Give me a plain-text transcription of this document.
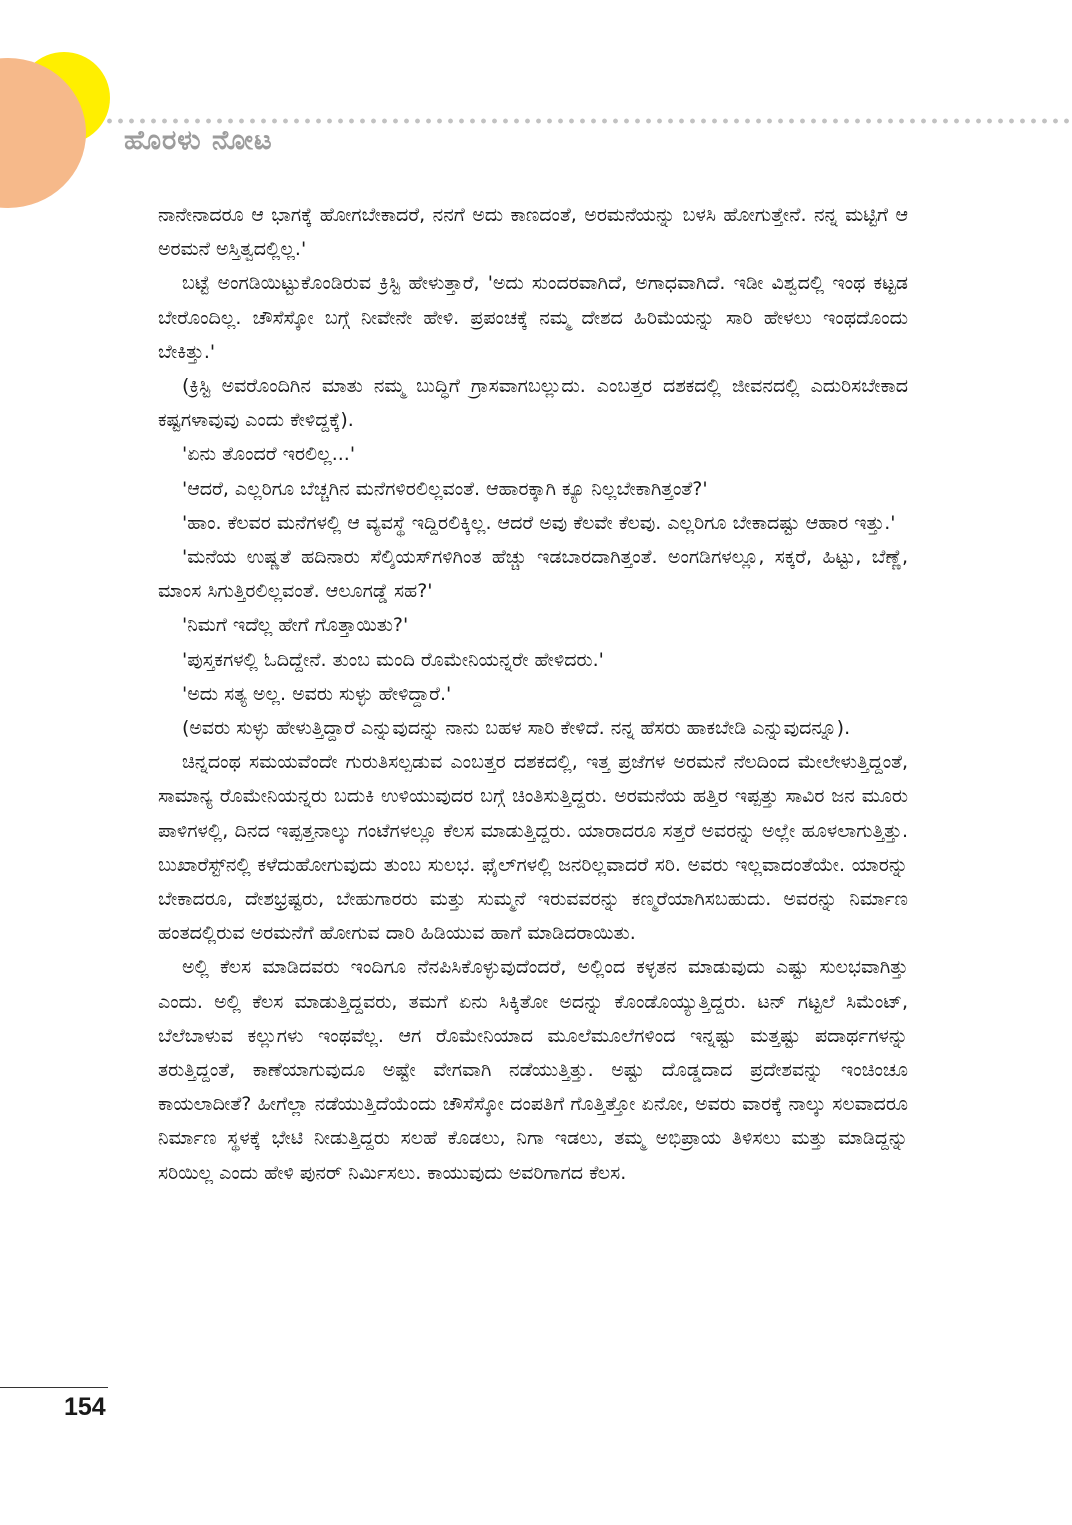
ಹೊರಳು ನೋಟ

ನಾನೇನಾದರೂ ಆ ಭಾಗಕ್ಕೆ ಹೋಗಬೇಕಾದರೆ, ನನಗೆ ಅದು ಕಾಣದಂತೆ, ಅರಮನೆಯನ್ನು ಬಳಸಿ ಹೋಗುತ್ತೇನೆ. ನನ್ನ ಮಟ್ಟಿಗೆ ಆ ಅರಮನೆ ಅಸ್ತಿತ್ವದಲ್ಲಿಲ್ಲ.'

ಬಟ್ಟೆ ಅಂಗಡಿಯಿಟ್ಟುಕೊಂಡಿರುವ ಕ್ರಿಸ್ಟಿ ಹೇಳುತ್ತಾರೆ, 'ಅದು ಸುಂದರವಾಗಿದೆ, ಅಗಾಧವಾಗಿದೆ. ಇಡೀ ವಿಶ್ವದಲ್ಲಿ ಇಂಥ ಕಟ್ಟಡ ಬೇರೊಂದಿಲ್ಲ. ಚೌಸೆಸ್ಕೋ ಬಗ್ಗೆ ನೀವೇನೇ ಹೇಳಿ. ಪ್ರಪಂಚಕ್ಕೆ ನಮ್ಮ ದೇಶದ ಹಿರಿಮೆಯನ್ನು ಸಾರಿ ಹೇಳಲು ಇಂಥದೊಂದು ಬೇಕಿತ್ತು.'

(ಕ್ರಿಸ್ಟಿ ಅವರೊಂದಿಗಿನ ಮಾತು ನಮ್ಮ ಬುದ್ಧಿಗೆ ಗ್ರಾಸವಾಗಬಲ್ಲುದು. ಎಂಬತ್ತರ ದಶಕದಲ್ಲಿ ಜೀವನದಲ್ಲಿ ಎದುರಿಸಬೇಕಾದ ಕಷ್ಟಗಳಾವುವು ಎಂದು ಕೇಳಿದ್ದಕ್ಕೆ).

'ಏನು ತೊಂದರೆ ಇರಲಿಲ್ಲ...'

'ಆದರೆ, ಎಲ್ಲರಿಗೂ ಬೆಚ್ಚಗಿನ ಮನೆಗಳಿರಲಿಲ್ಲವಂತೆ. ಆಹಾರಕ್ಕಾಗಿ ಕ್ಯೂ ನಿಲ್ಲಬೇಕಾಗಿತ್ತಂತೆ?'

'ಹಾಂ. ಕೆಲವರ ಮನೆಗಳಲ್ಲಿ ಆ ವ್ಯವಸ್ಥೆ ಇದ್ದಿರಲಿಕ್ಕಿಲ್ಲ. ಆದರೆ ಅವು ಕೆಲವೇ ಕೆಲವು. ಎಲ್ಲರಿಗೂ ಬೇಕಾದಷ್ಟು ಆಹಾರ ಇತ್ತು.'

'ಮನೆಯ ಉಷ್ಣತೆ ಹದಿನಾರು ಸೆಲ್ಶಿಯಸ್‌ಗಳಿಗಿಂತ ಹೆಚ್ಚು ಇಡಬಾರದಾಗಿತ್ತಂತೆ. ಅಂಗಡಿಗಳಲ್ಲೂ, ಸಕ್ಕರೆ, ಹಿಟ್ಟು, ಬೆಣ್ಣೆ, ಮಾಂಸ ಸಿಗುತ್ತಿರಲಿಲ್ಲವಂತೆ. ಆಲೂಗಡ್ಡೆ ಸಹ?'

'ನಿಮಗೆ ಇದೆಲ್ಲ ಹೇಗೆ ಗೊತ್ತಾಯಿತು?'

'ಪುಸ್ತಕಗಳಲ್ಲಿ ಓದಿದ್ದೇನೆ. ತುಂಬ ಮಂದಿ ರೊಮೇನಿಯನ್ನರೇ ಹೇಳಿದರು.'

'ಅದು ಸತ್ಯ ಅಲ್ಲ. ಅವರು ಸುಳ್ಳು ಹೇಳಿದ್ದಾರೆ.'

(ಅವರು ಸುಳ್ಳು ಹೇಳುತ್ತಿದ್ದಾರೆ ಎನ್ನುವುದನ್ನು ನಾನು ಬಹಳ ಸಾರಿ ಕೇಳಿದೆ. ನನ್ನ ಹೆಸರು ಹಾಕಬೇಡಿ ಎನ್ನುವುದನ್ನೂ).

ಚಿನ್ನದಂಥ ಸಮಯವೆಂದೇ ಗುರುತಿಸಲ್ಪಡುವ ಎಂಬತ್ತರ ದಶಕದಲ್ಲಿ, ಇತ್ತ ಪ್ರಜೆಗಳ ಅರಮನೆ ನೆಲದಿಂದ ಮೇಲೇಳುತ್ತಿದ್ದಂತೆ, ಸಾಮಾನ್ಯ ರೊಮೇನಿಯನ್ನರು ಬದುಕಿ ಉಳಿಯುವುದರ ಬಗ್ಗೆ ಚಿಂತಿಸುತ್ತಿದ್ದರು. ಅರಮನೆಯ ಹತ್ತಿರ ಇಪ್ಪತ್ತು ಸಾವಿರ ಜನ ಮೂರು ಪಾಳಿಗಳಲ್ಲಿ, ದಿನದ ಇಪ್ಪತ್ತನಾಲ್ಕು ಗಂಟೆಗಳಲ್ಲೂ ಕೆಲಸ ಮಾಡುತ್ತಿದ್ದರು. ಯಾರಾದರೂ ಸತ್ತರೆ ಅವರನ್ನು ಅಲ್ಲೇ ಹೂಳಲಾಗುತ್ತಿತ್ತು. ಬುಖಾರೆಸ್ಟ್‌ನಲ್ಲಿ ಕಳೆದುಹೋಗುವುದು ತುಂಬ ಸುಲಭ. ಫೈಲ್‌ಗಳಲ್ಲಿ ಜನರಿಲ್ಲವಾದರೆ ಸರಿ. ಅವರು ಇಲ್ಲವಾದಂತೆಯೇ. ಯಾರನ್ನು ಬೇಕಾದರೂ, ದೇಶಭ್ರಷ್ಟರು, ಬೇಹುಗಾರರು ಮತ್ತು ಸುಮ್ಮನೆ ಇರುವವರನ್ನು ಕಣ್ಮರೆಯಾಗಿಸಬಹುದು. ಅವರನ್ನು ನಿರ್ಮಾಣ ಹಂತದಲ್ಲಿರುವ ಅರಮನೆಗೆ ಹೋಗುವ ದಾರಿ ಹಿಡಿಯುವ ಹಾಗೆ ಮಾಡಿದರಾಯಿತು.

ಅಲ್ಲಿ ಕೆಲಸ ಮಾಡಿದವರು ಇಂದಿಗೂ ನೆನಪಿಸಿಕೊಳ್ಳುವುದೆಂದರೆ, ಅಲ್ಲಿಂದ ಕಳ್ಳತನ ಮಾಡುವುದು ಎಷ್ಟು ಸುಲಭವಾಗಿತ್ತು ಎಂದು. ಅಲ್ಲಿ ಕೆಲಸ ಮಾಡುತ್ತಿದ್ದವರು, ತಮಗೆ ಏನು ಸಿಕ್ಕಿತೋ ಅದನ್ನು ಕೊಂಡೊಯ್ಯುತ್ತಿದ್ದರು. ಟನ್ ಗಟ್ಟಲೆ ಸಿಮೆಂಟ್, ಬೆಲೆಬಾಳುವ ಕಲ್ಲುಗಳು ಇಂಥವೆಲ್ಲ. ಆಗ ರೊಮೇನಿಯಾದ ಮೂಲೆಮೂಲೆಗಳಿಂದ ಇನ್ನಷ್ಟು ಮತ್ತಷ್ಟು ಪದಾರ್ಥಗಳನ್ನು ತರುತ್ತಿದ್ದಂತೆ, ಕಾಣೆಯಾಗುವುದೂ ಅಷ್ಟೇ ವೇಗವಾಗಿ ನಡೆಯುತ್ತಿತ್ತು. ಅಷ್ಟು ದೊಡ್ಡದಾದ ಪ್ರದೇಶವನ್ನು ಇಂಚಿಂಚೂ ಕಾಯಲಾದೀತೆ? ಹೀಗೆಲ್ಲಾ ನಡೆಯುತ್ತಿದೆಯೆಂದು ಚೌಸೆಸ್ಕೋ ದಂಪತಿಗೆ ಗೊತ್ತಿತ್ತೋ ಏನೋ, ಅವರು ವಾರಕ್ಕೆ ನಾಲ್ಕು ಸಲವಾದರೂ ನಿರ್ಮಾಣ ಸ್ಥಳಕ್ಕೆ ಭೇಟಿ ನೀಡುತ್ತಿದ್ದರು ಸಲಹೆ ಕೊಡಲು, ನಿಗಾ ಇಡಲು, ತಮ್ಮ ಅಭಿಪ್ರಾಯ ತಿಳಿಸಲು ಮತ್ತು ಮಾಡಿದ್ದನ್ನು ಸರಿಯಿಲ್ಲ ಎಂದು ಹೇಳಿ ಪುನರ್ ನಿರ್ಮಿಸಲು. ಕಾಯುವುದು ಅವರಿಗಾಗದ ಕೆಲಸ.

154
